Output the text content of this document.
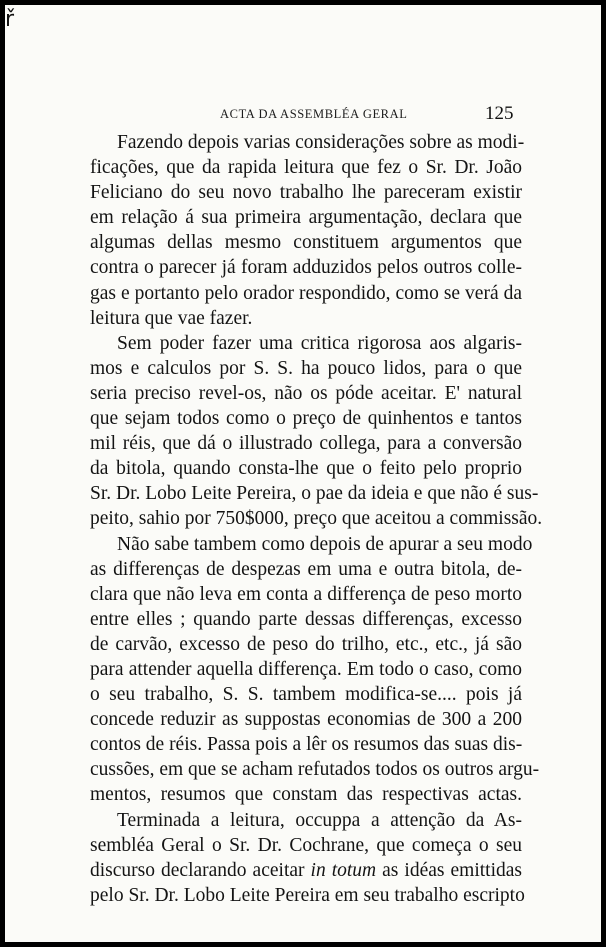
ř
ACTA DA ASSEMBLÉA GERAL	125
Fazendo depois varias considerações sobre as modi-
ficações, que da rapida leitura que fez o Sr. Dr. João
Feliciano do seu novo trabalho lhe pareceram existir
em relação á sua primeira argumentação, declara que
algumas dellas mesmo constituem argumentos que
contra o parecer já foram adduzidos pelos outros colle-
gas e portanto pelo orador respondido, como se verá da
leitura que vae fazer.
Sem poder fazer uma critica rigorosa aos algaris-
mos e calculos por S. S. ha pouco lidos, para o que
seria preciso revel-os, não os póde aceitar. E' natural
que sejam todos como o preço de quinhentos e tantos
mil réis, que dá o illustrado collega, para a conversão
da bitola, quando consta-lhe que o feito pelo proprio
Sr. Dr. Lobo Leite Pereira, o pae da ideia e que não é sus-
peito, sahio por 750$000, preço que aceitou a commissão.
Não sabe tambem como depois de apurar a seu modo
as differenças de despezas em uma e outra bitola, de-
clara que não leva em conta a differença de peso morto
entre elles ; quando parte dessas differenças, excesso
de carvão, excesso de peso do trilho, etc., etc., já são
para attender aquella differença. Em todo o caso, como
o seu trabalho, S. S. tambem modifica-se.... pois já
concede reduzir as suppostas economias de 300 a 200
contos de réis. Passa pois a lêr os resumos das suas dis-
cussões, em que se acham refutados todos os outros argu-
mentos, resumos que constam das respectivas actas.
Terminada a leitura, occuppa a attenção da As-
sembléa Geral o Sr. Dr. Cochrane, que começa o seu
discurso declarando aceitar in totum as idéas emittidas
pelo Sr. Dr. Lobo Leite Pereira em seu trabalho escripto
